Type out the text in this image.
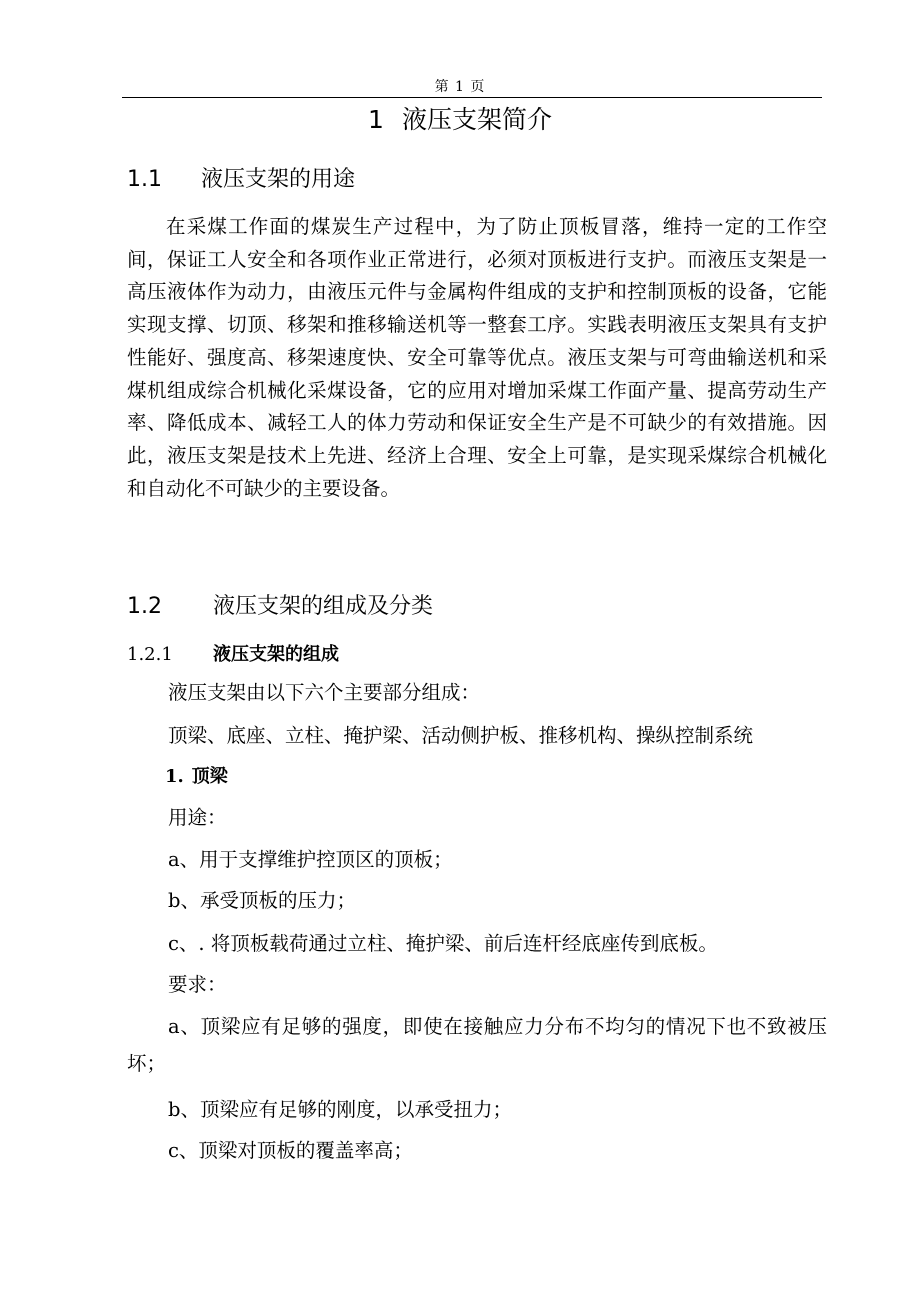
第 1 页
1 液压支架简介
1.1 液压支架的用途

在采煤工作面的煤炭生产过程中，为了防止顶板冒落，维持一定的工作空间，保证工人安全和各项作业正常进行，必须对顶板进行支护。而液压支架是一高压液体作为动力，由液压元件与金属构件组成的支护和控制顶板的设备，它能实现支撑、切顶、移架和推移输送机等一整套工序。实践表明液压支架具有支护性能好、强度高、移架速度快、安全可靠等优点。液压支架与可弯曲输送机和采煤机组成综合机械化采煤设备，它的应用对增加采煤工作面产量、提高劳动生产率、降低成本、减轻工人的体力劳动和保证安全生产是不可缺少的有效措施。因此，液压支架是技术上先进、经济上合理、安全上可靠，是实现采煤综合机械化和自动化不可缺少的主要设备。

1.2 液压支架的组成及分类
1.2.1 液压支架的组成

液压支架由以下六个主要部分组成：

顶梁、底座、立柱、掩护梁、活动侧护板、推移机构、操纵控制系统

1. 顶梁

用途：

a、用于支撑维护控顶区的顶板；

b、承受顶板的压力；

c、. 将顶板载荷通过立柱、掩护梁、前后连杆经底座传到底板。

要求：

a、顶梁应有足够的强度，即使在接触应力分布不均匀的情况下也不致被压坏；

b、顶梁应有足够的刚度，以承受扭力；

c、顶梁对顶板的覆盖率高；
